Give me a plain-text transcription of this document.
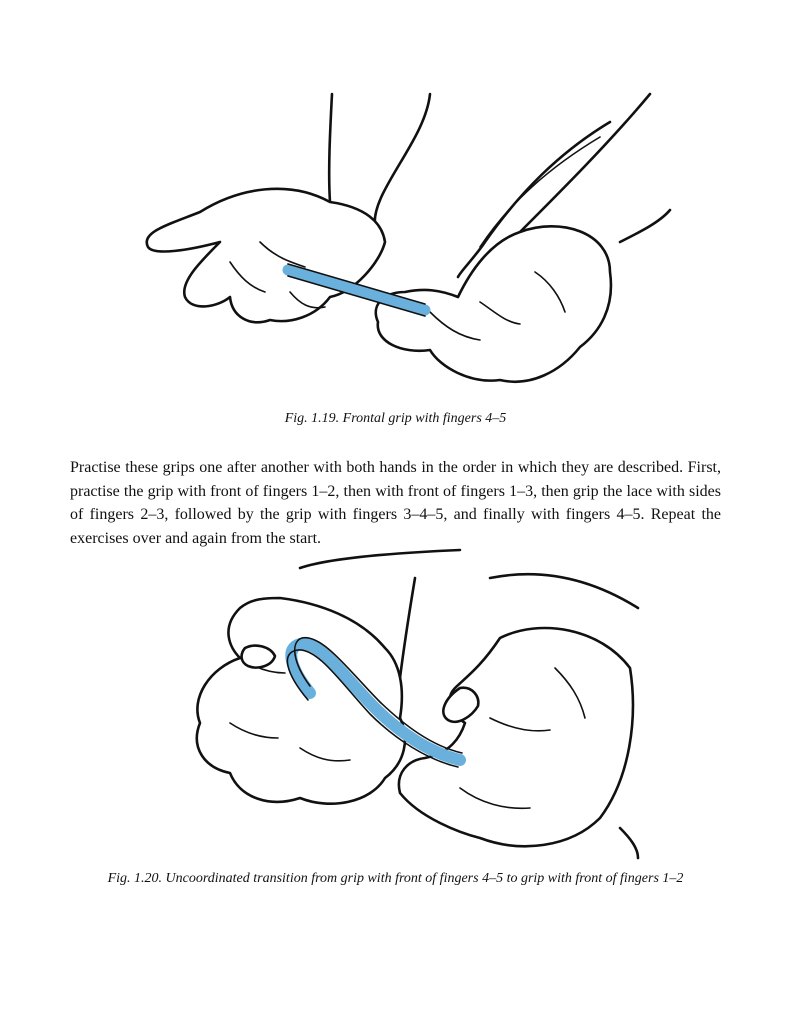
Fig. 1.19. Frontal grip with fingers 4–5
Practise these grips one after another with both hands in the order in which they are described. First, practise the grip with front of fingers 1–2, then with front of fingers 1–3, then grip the lace with sides of fingers 2–3, followed by the grip with fingers 3–4–5, and finally with fingers 4–5. Repeat the exercises over and again from the start.
Fig. 1.20. Uncoordinated transition from grip with front of fingers 4–5 to grip with front of fingers 1–2
